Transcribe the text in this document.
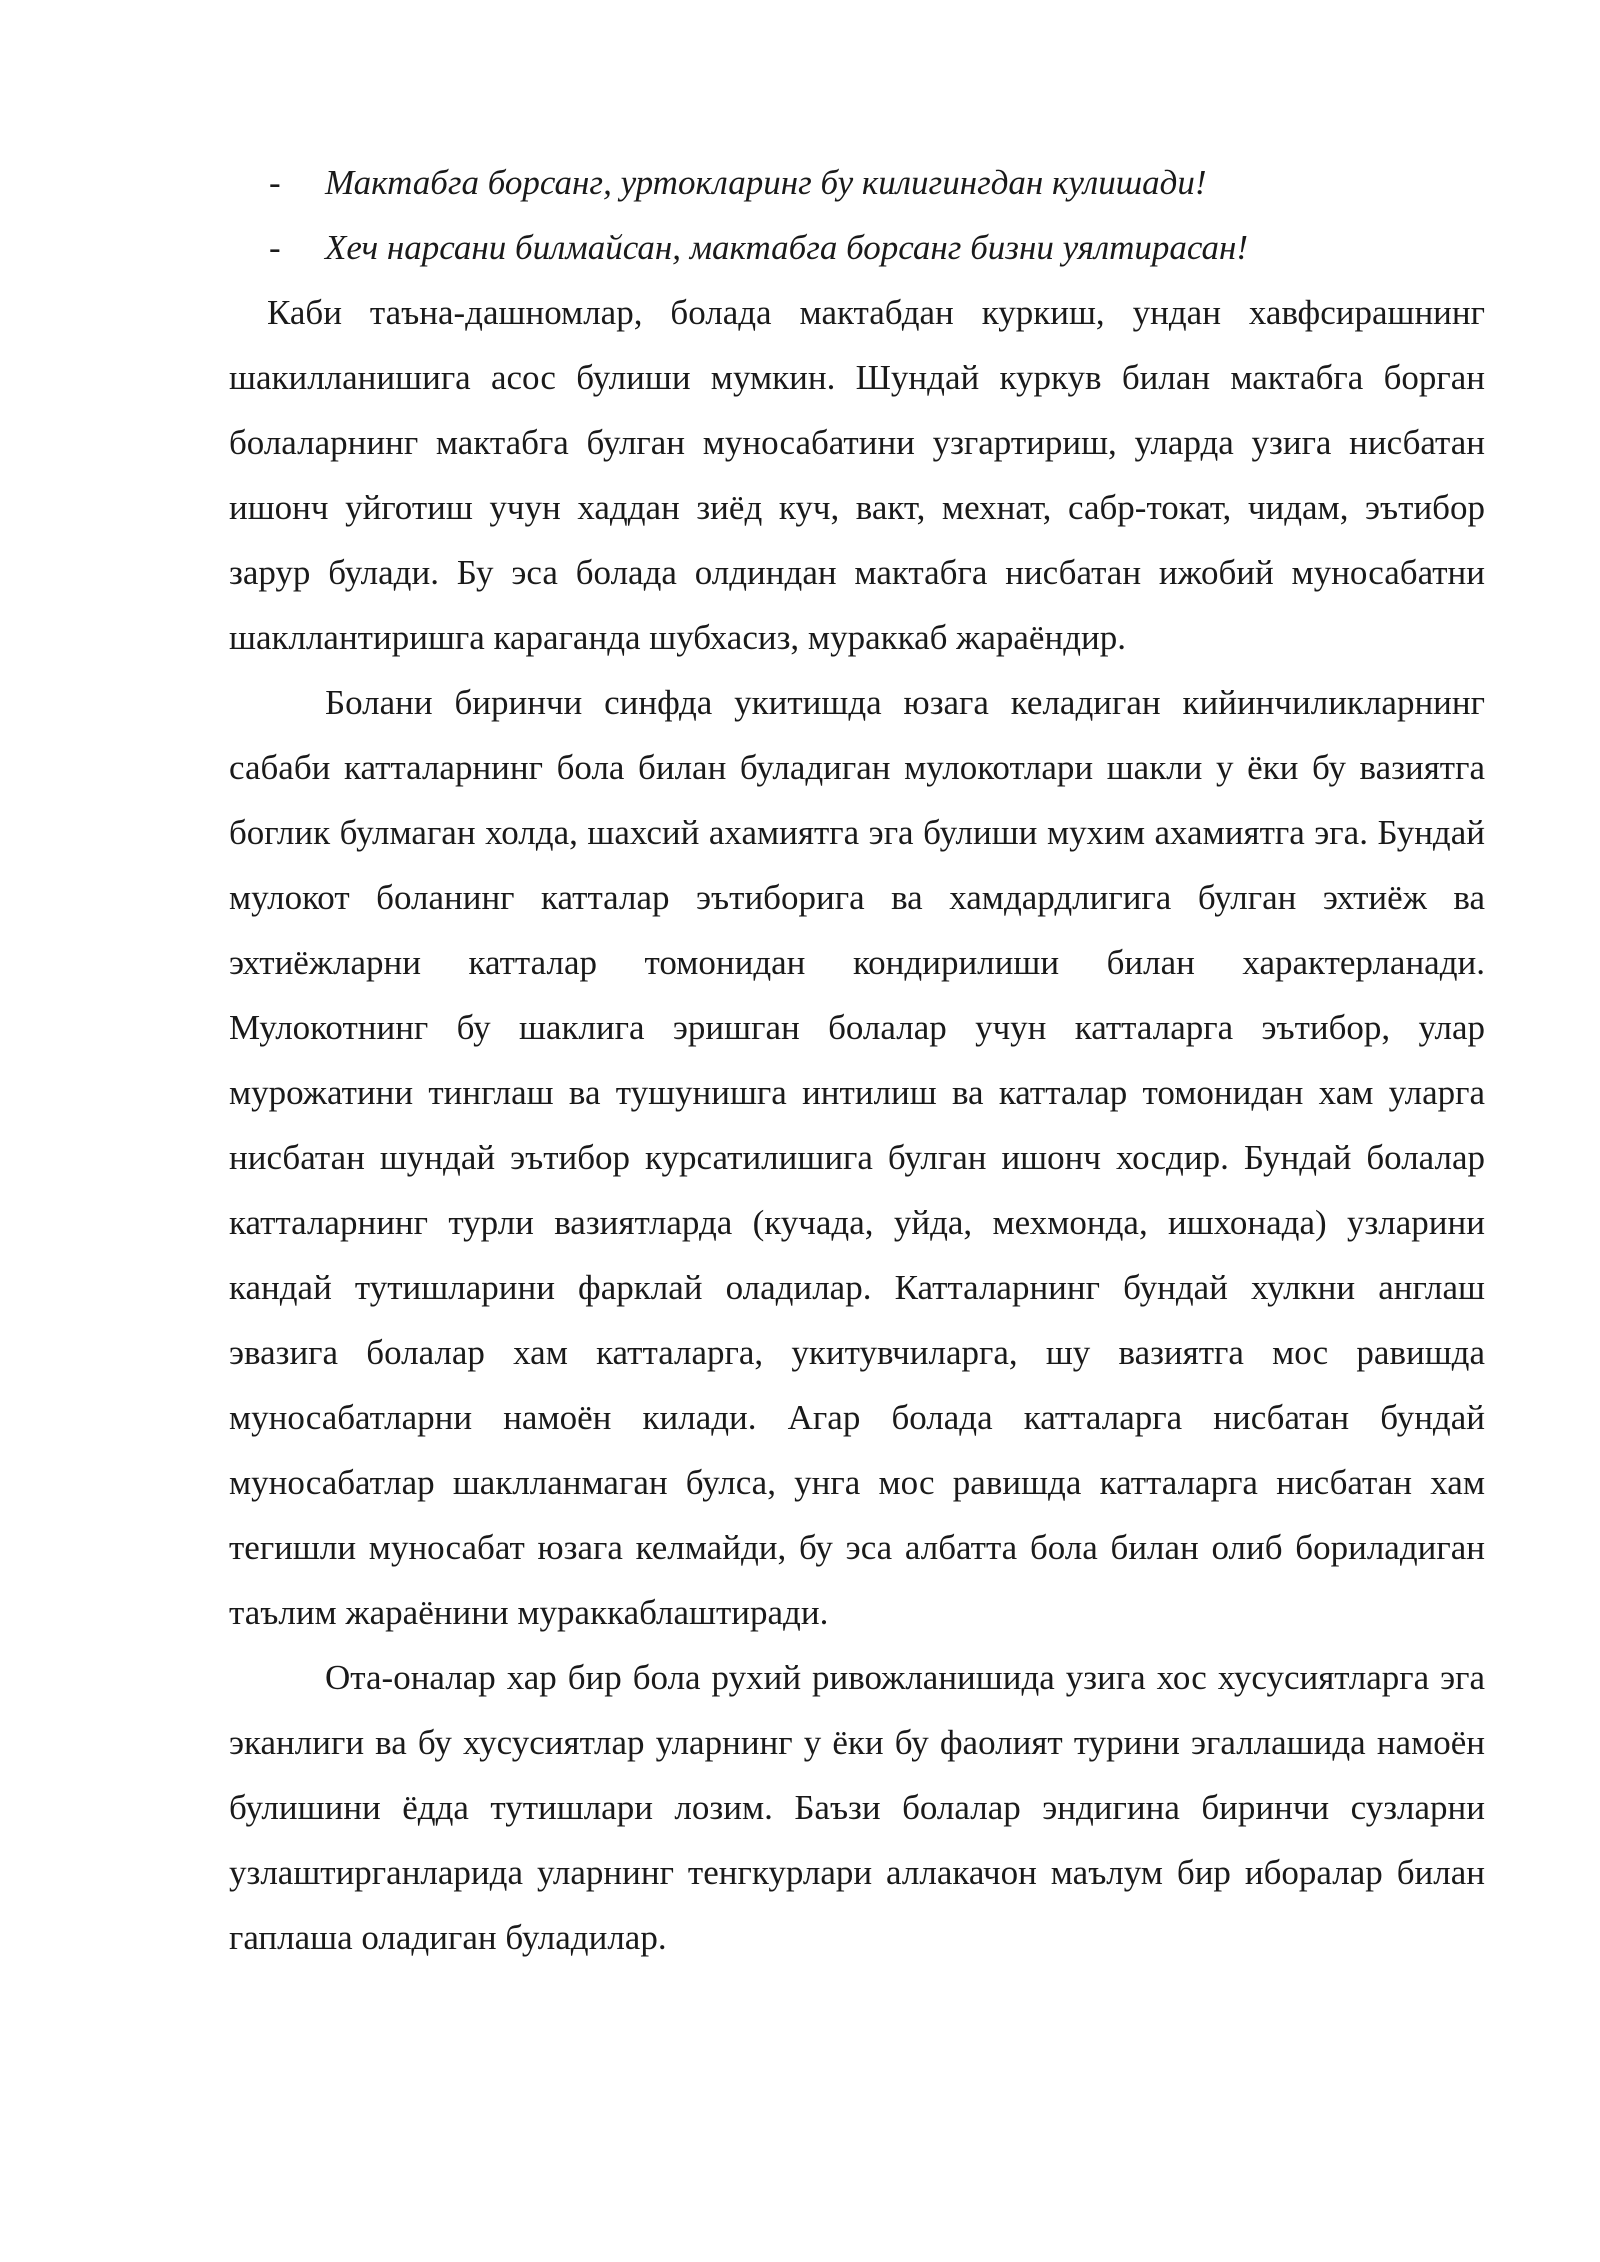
-	Мактабга борсанг, уртокларинг бу килигингдан кулишади!
-	Хеч нарсани билмайсан, мактабга борсанг бизни уялтирасан!

Каби таъна-дашномлар, болада мактабдан куркиш, ундан хавфсирашнинг шакилланишига асос булиши мумкин. Шундай куркув билан мактабга борган болаларнинг мактабга булган муносабатини узгартириш, уларда узига нисбатан ишонч уйготиш учун хаддан зиёд куч, вакт, мехнат, сабр-токат, чидам, эътибор зарур булади. Бу эса болада олдиндан мактабга нисбатан ижобий муносабатни шакллантиришга караганда шубхасиз, мураккаб жараёндир.

Болани биринчи синфда укитишда юзага келадиган кийинчиликларнинг сабаби катталарнинг бола билан буладиган мулокотлари шакли у ёки бу вазиятга боглик булмаган холда, шахсий ахамиятга эга булиши мухим ахамиятга эга. Бундай мулокот боланинг катталар эътиборига ва хамдардлигига булган эхтиёж ва эхтиёжларни катталар томонидан кондирилиши билан характерланади. Мулокотнинг бу шаклига эришган болалар учун катталарга эътибор, улар мурожатини тинглаш ва тушунишга интилиш ва катталар томонидан хам уларга нисбатан шундай эътибор курсатилишига булган ишонч хосдир. Бундай болалар катталарнинг турли вазиятларда (кучада, уйда, мехмонда, ишхонада) узларини кандай тутишларини фарклай оладилар. Катталарнинг бундай хулкни англаш эвазига болалар хам катталарга, укитувчиларга, шу вазиятга мос равишда муносабатларни намоён килади. Агар болада катталарга нисбатан бундай муносабатлар шаклланмаган булса, унга мос равишда катталарга нисбатан хам тегишли муносабат юзага келмайди, бу эса албатта бола билан олиб бориладиган таълим жараёнини мураккаблаштиради.

Ота-оналар хар бир бола рухий ривожланишида узига хос хусусиятларга эга эканлиги ва бу хусусиятлар уларнинг у ёки бу фаолият турини эгаллашида намоён булишини ёдда тутишлари лозим. Баъзи болалар эндигина биринчи сузларни узлаштирганларида уларнинг тенгкурлари аллакачон маълум бир иборалар билан гаплаша оладиган буладилар.
